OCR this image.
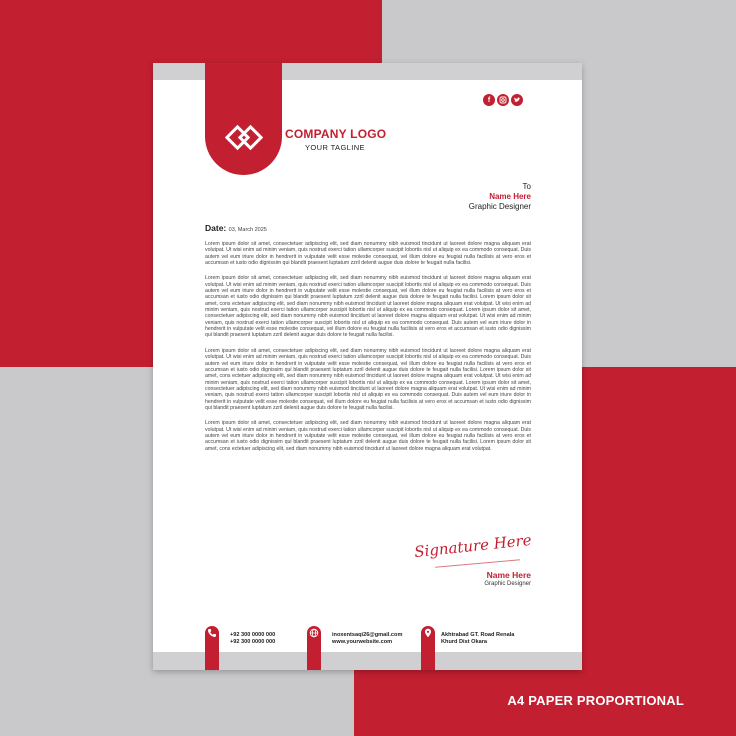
COMPANY LOGO
YOUR TAGLINE
f
To
Name Here
Graphic Designer
Date: 03, March 2025

Lorem ipsum dolor sit amet, consectetuer adipiscing elit, sed diam nonummy nibh euismod tincidunt ut laoreet dolore magna aliquam erat volutpat. Ut wisi enim ad minim veniam, quis nostrud exerci tation ullamcorper suscipit lobortis nisl ut aliquip ex ea commodo consequat. Duis autem vel eum iriure dolor in hendrerit in vulputate velit esse molestie consequat, vel illum dolore eu feugiat nulla facilisis at vero eros et accumsan et iusto odio dignissim qui blandit praesent luptatum zzril delenit augue duis dolore te feugait nulla facilisi.

Lorem ipsum dolor sit amet, consectetuer adipiscing elit, sed diam nonummy nibh euismod tincidunt ut laoreet dolore magna aliquam erat volutpat. Ut wisi enim ad minim veniam, quis nostrud exerci tation ullamcorper suscipit lobortis nisl ut aliquip ex ea commodo consequat. Duis autem vel eum iriure dolor in hendrerit in vulputate velit esse molestie consequat, vel illum dolore eu feugiat nulla facilisis at vero eros et accumsan et iusto odio dignissim qui blandit praesent luptatum zzril delenit augue duis dolore te feugait nulla facilisi. Lorem ipsum dolor sit amet, cons ectetuer adipiscing elit, sed diam nonummy nibh euismod tincidunt ut laoreet dolore magna aliquam erat volutpat. Ut wisi enim ad minim veniam, quis nostrud exerci tation ullamcorper suscipit lobortis nisl ut aliquip ex ea commodo consequat. Lorem ipsum dolor sit amet, consectetuer adipiscing elit, sed diam nonummy nibh euismod tincidunt ut laoreet dolore magna aliquam erat volutpat. Ut wisi enim ad minim veniam, quis nostrud exerci tation ullamcorper suscipit lobortis nisl ut aliquip ex ea commodo consequat. Duis autem vel eum iriure dolor in hendrerit in vulputate velit esse molestie consequat, vel illum dolore eu feugiat nulla facilisis at vero eros et accumsan et iusto odio dignissim qui blandit praesent luptatum zzril delenit augue duis dolore te feugait nulla facilisi.

Lorem ipsum dolor sit amet, consectetuer adipiscing elit, sed diam nonummy nibh euismod tincidunt ut laoreet dolore magna aliquam erat volutpat. Ut wisi enim ad minim veniam, quis nostrud exerci tation ullamcorper suscipit lobortis nisl ut aliquip ex ea commodo consequat. Duis autem vel eum iriure dolor in hendrerit in vulputate velit esse molestie consequat, vel illum dolore eu feugiat nulla facilisis at vero eros et accumsan et iusto odio dignissim qui blandit praesent luptatum zzril delenit augue duis dolore te feugait nulla facilisi. Lorem ipsum dolor sit amet, cons ectetuer adipiscing elit, sed diam nonummy nibh euismod tincidunt ut laoreet dolore magna aliquam erat volutpat. Ut wisi enim ad minim veniam, quis nostrud exerci tation ullamcorper suscipit lobortis nisl ut aliquip ex ea commodo consequat. Lorem ipsum dolor sit amet, consectetuer adipiscing elit, sed diam nonummy nibh euismod tincidunt ut laoreet dolore magna aliquam erat volutpat. Ut wisi enim ad minim veniam, quis nostrud exerci tation ullamcorper suscipit lobortis nisl ut aliquip ex ea commodo consequat. Duis autem vel eum iriure dolor in hendrerit in vulputate velit esse molestie consequat, vel illum dolore eu feugiat nulla facilisis at vero eros et accumsan et iusto odio dignissim qui blandit praesent luptatum zzril delenit augue duis dolore te feugait nulla facilisi.

Lorem ipsum dolor sit amet, consectetuer adipiscing elit, sed diam nonummy nibh euismod tincidunt ut laoreet dolore magna aliquam erat volutpat. Ut wisi enim ad minim veniam, quis nostrud exerci tation ullamcorper suscipit lobortis nisl ut aliquip ex ea commodo consequat. Duis autem vel eum iriure dolor in hendrerit in vulputate velit esse molestie consequat, vel illum dolore eu feugiat nulla facilisis at vero eros et accumsan et iusto odio dignissim qui blandit praesent luptatum zzril delenit augue duis dolore te feugait nulla facilisi. Lorem ipsum dolor sit amet, cons ectetuer adipiscing elit, sed diam nonummy nibh euismod tincidunt ut laoreet dolore magna aliquam erat volutpat.

Signature Here
Name Here
Graphic Designer
+92 300 0000 000
+92 300 0000 000
inoxentsaqi26@gmail.com
www.yourwebsite.com
Akhtrabad GT. Road Renala
Khurd Dist Okara
A4 PAPER PROPORTIONAL
